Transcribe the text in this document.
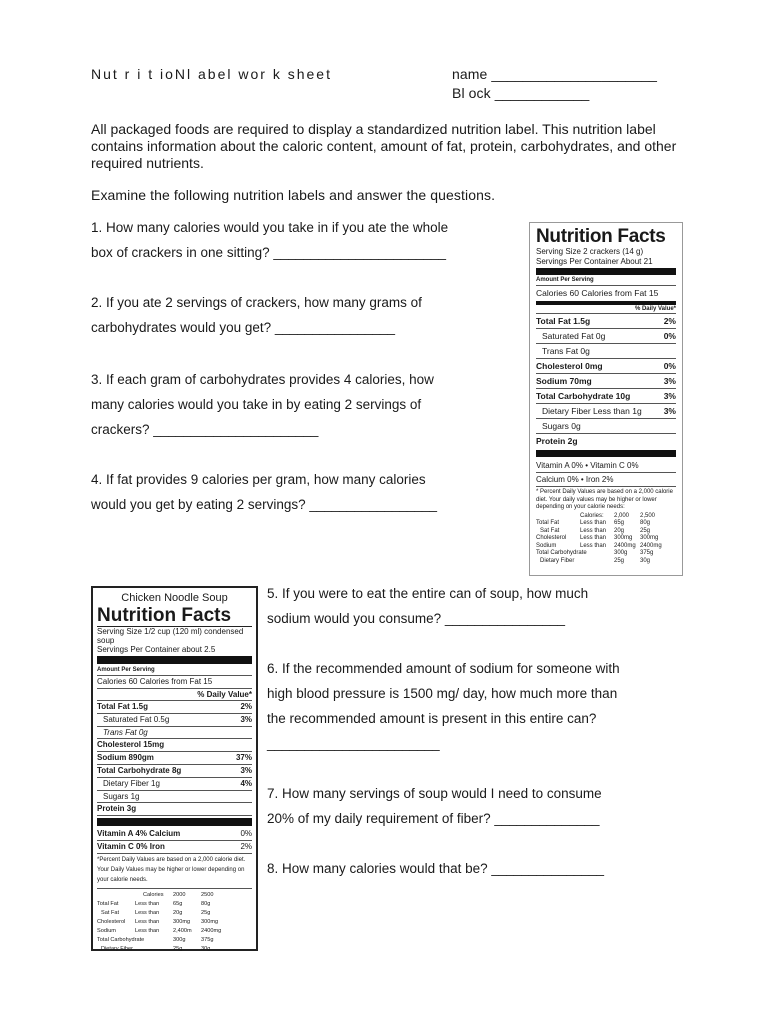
Nut r i t ioNl abel wor k sheet	name _____________________
Bl ock ____________
All packaged foods are required to display a standardized nutrition label. This nutrition label contains information about the caloric content, amount of fat, protein, carbohydrates, and other required nutrients.
Examine the following nutrition labels and answer the questions.
1. How many calories would you take in if you ate the whole
box of crackers in one sitting? _______________________
2. If you ate 2 servings of crackers, how many grams of
carbohydrates would you get? ________________
3. If each gram of carbohydrates provides 4 calories, how
many calories would you take in by eating 2 servings of
crackers? ______________________
4. If fat provides 9 calories per gram, how many calories
would you get by eating 2 servings? _________________
5. If you were to eat the entire can of soup, how much
sodium would you consume? ________________
6. If the recommended amount of sodium for someone with
high blood pressure is 1500 mg/ day, how much more than
the recommended amount is present in this entire can?
_______________________
7. How many servings of soup would I need to consume
20% of my daily requirement of fiber? ______________
8. How many calories would that be? _______________
Nutrition Facts
Serving Size 2 crackers (14 g)
Servings Per Container About 21
Amount Per Serving
Calories 60 Calories from Fat 15
% Daily Value*
Total Fat 1.5g	2%
Saturated Fat 0g	0%
Trans Fat 0g
Cholesterol 0mg	0%
Sodium 70mg	3%
Total Carbohydrate 10g	3%
Dietary Fiber Less than 1g	3%
Sugars 0g
Protein 2g
Vitamin A 0% • Vitamin C 0%
Calcium 0% • Iron 2%
* Percent Daily Values are based on a 2,000 calorie diet. Your daily values may be higher or lower depending on your calorie needs:
Calories:	2,000	2,500
Total Fat	Less than	65g	80g
Sat Fat	Less than	20g	25g
Cholesterol	Less than	300mg	300mg
Sodium	Less than	2400mg 2400mg
Total Carbohydrate	300g	375g
Dietary Fiber	25g	30g
Chicken Noodle Soup
Nutrition Facts
Serving Size 1/2 cup (120 ml) condensed soup
Servings Per Container about 2.5
Amount Per Serving
Calories 60 Calories from Fat 15
% Daily Value*
Total Fat 1.5g	2%
Saturated Fat 0.5g	3%
Trans Fat 0g
Cholesterol 15mg
Sodium 890gm	37%
Total Carbohydrate 8g	3%
Dietary Fiber 1g	4%
Sugars 1g
Protein 3g
Vitamin A 4% Calcium	0%
Vitamin C 0% Iron	2%
*Percent Daily Values are based on a 2,000 calorie diet. Your Daily Values may be higher or lower depending on your calorie needs.
Calories	2000	2500
Total Fat	Less than	65g	80g
Sat Fat	Less than	20g	25g
Cholesterol	Less than	300mg	300mg
Sodium	Less than	2,400m	2400mg
Total Carbohydrate	300g	375g
Dietary Fiber	25g	30g
